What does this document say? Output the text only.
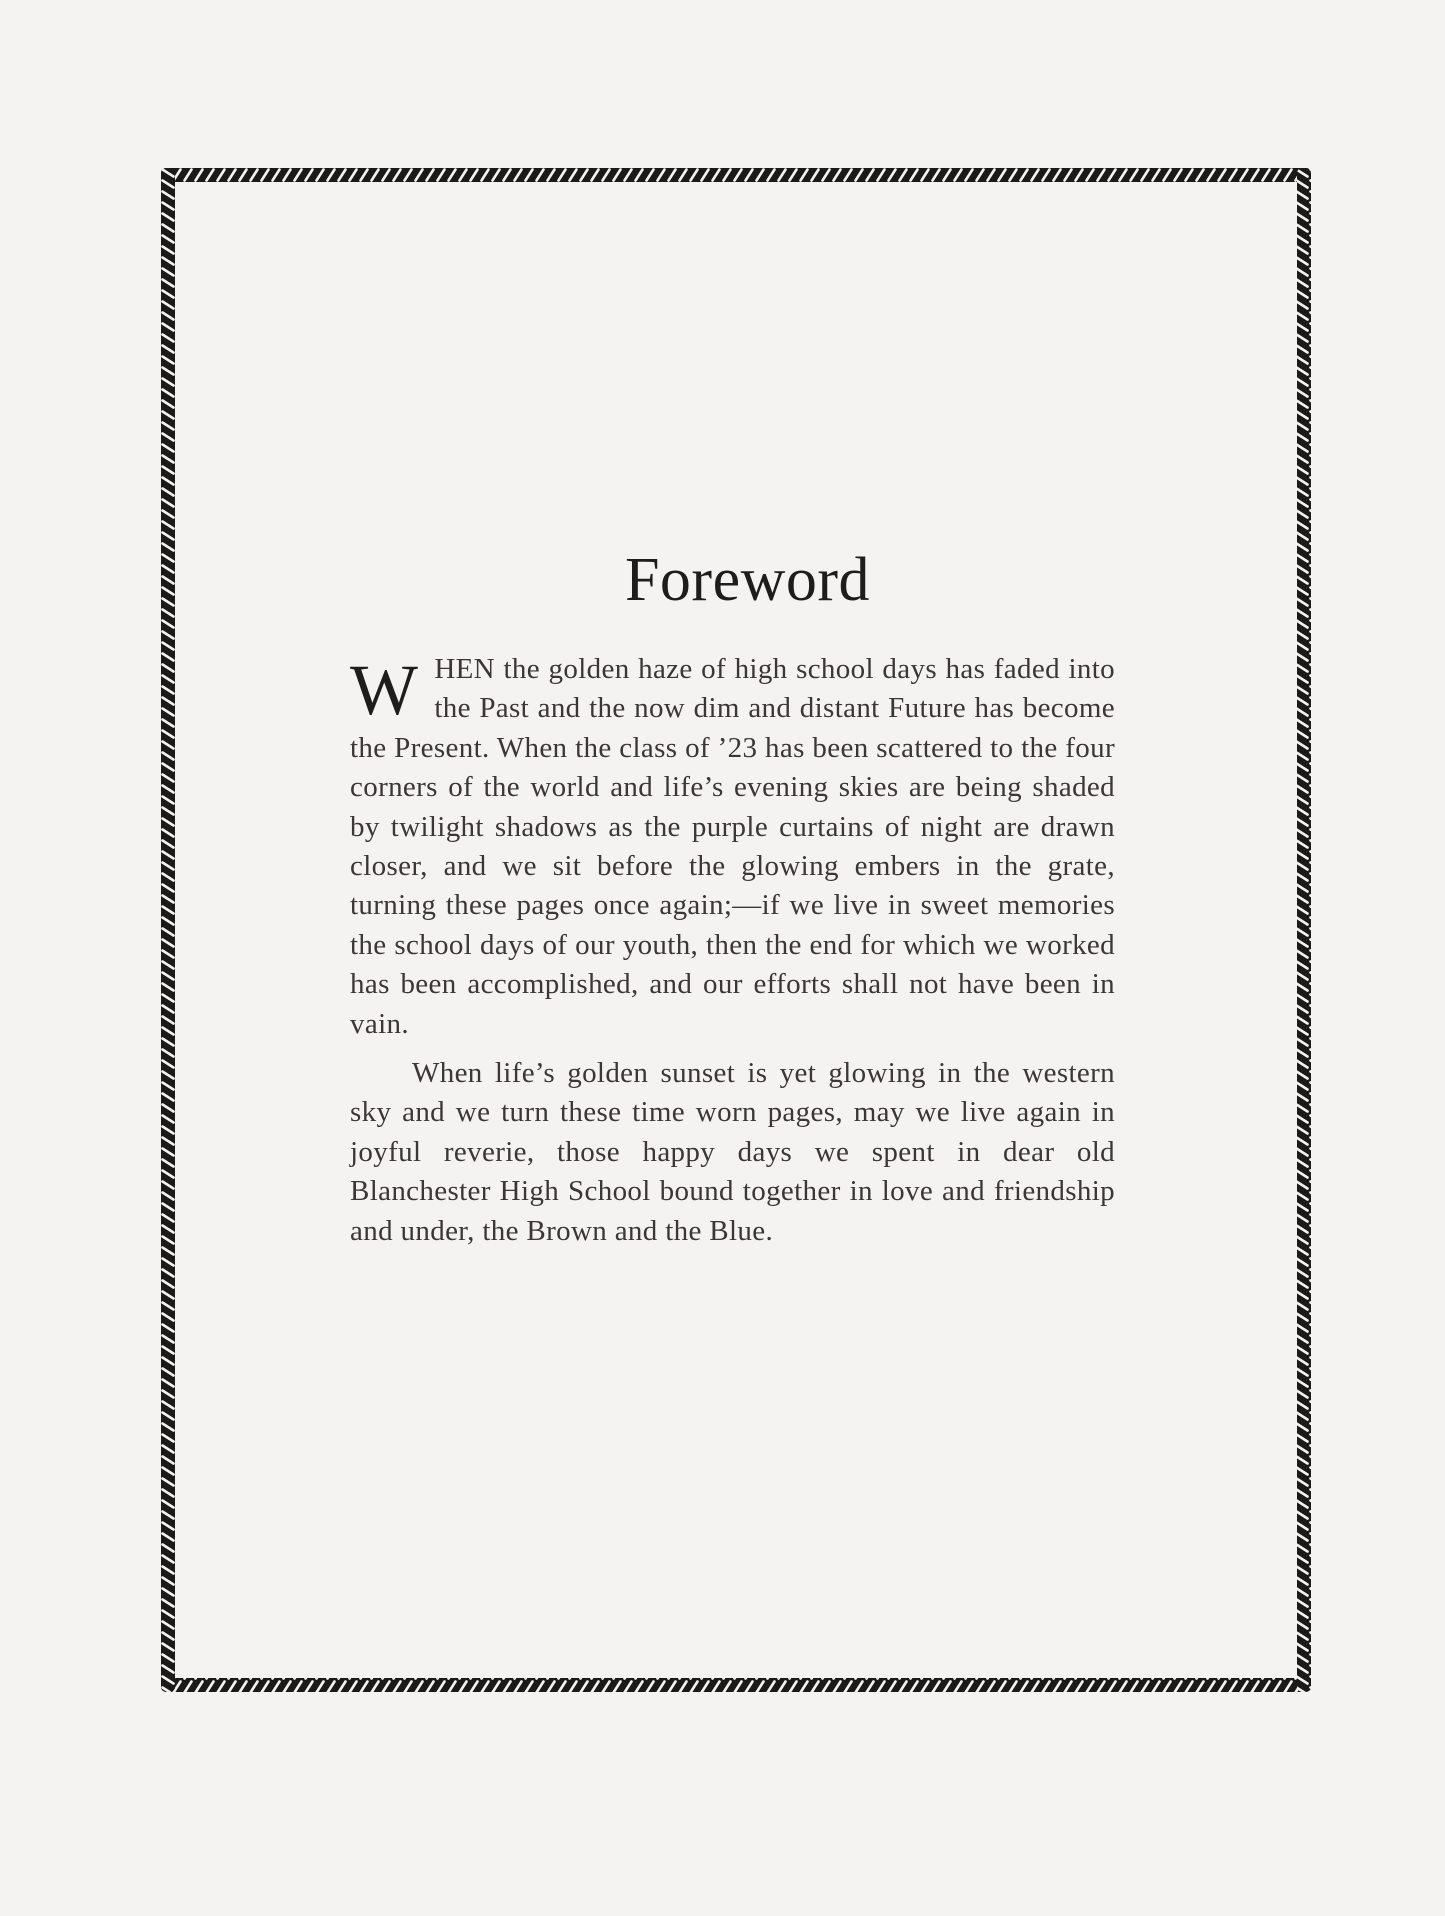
Foreword

W HEN the golden haze of high school days has faded into the Past and the now dim and distant Future has become the Present. When the class of ’23 has been scattered to the four corners of the world and life’s evening skies are being shaded by twilight shadows as the purple curtains of night are drawn closer, and we sit before the glowing embers in the grate, turning these pages once again;—if we live in sweet memories the school days of our youth, then the end for which we worked has been accomplished, and our efforts shall not have been in vain.

When life’s golden sunset is yet glowing in the western sky and we turn these time worn pages, may we live again in joyful reverie, those happy days we spent in dear old Blanchester High School bound together in love and friendship and under, the Brown and the Blue.
